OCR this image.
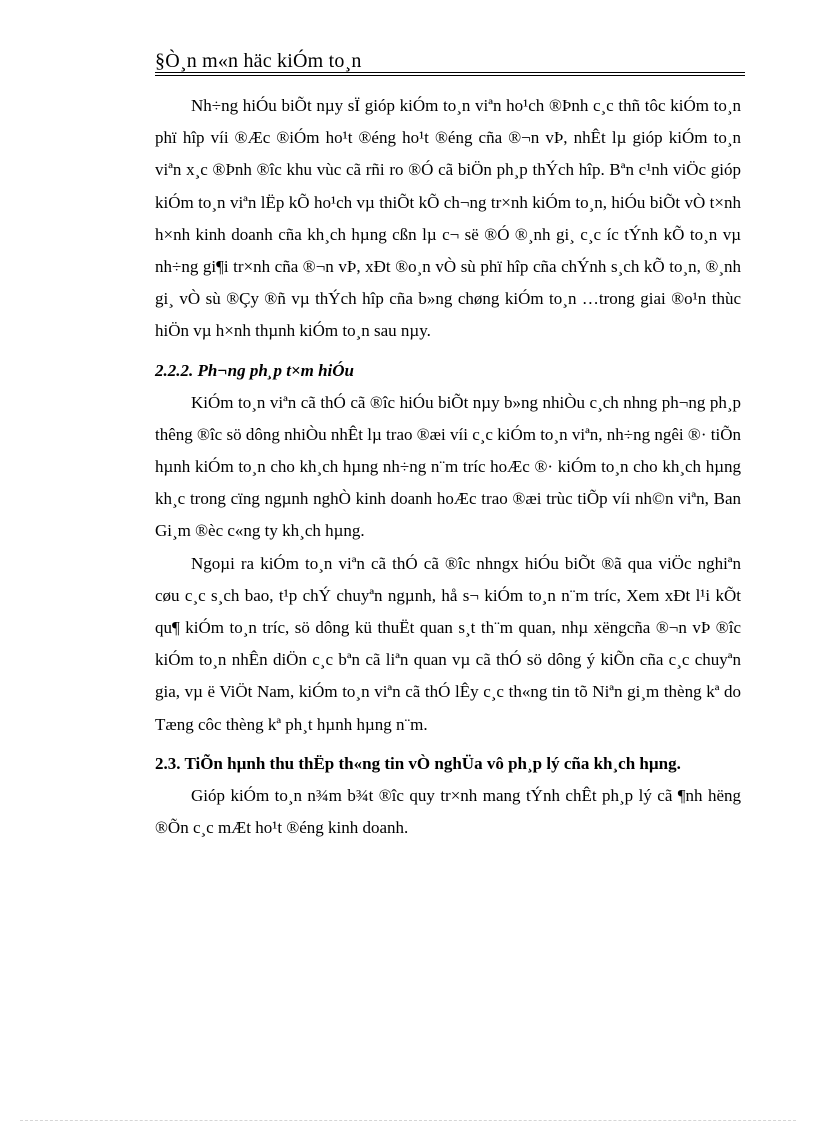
§Ò¸n m«n häc kiÓm to¸n

Nh÷ng hiÓu biÕt nµy sÏ gióp kiÓm to¸n viªn ho¹ch ®Þnh c¸c thñ tôc kiÓm to¸n phï hîp víi ®Æc ®iÓm ho¹t ®éng ho¹t ®éng cña ®¬n vÞ, nhÊt lµ gióp kiÓm to¸n viªn x¸c ®Þnh ®îc khu vùc cã rñi ro ®Ó cã biÖn ph¸p thÝch hîp. Bªn c¹nh viÖc gióp kiÓm to¸n viªn lËp kÕ ho¹ch vµ thiÕt kÕ ch¬ng tr×nh kiÓm to¸n, hiÓu biÕt vÒ t×nh h×nh kinh doanh cña kh¸ch hµng cßn lµ c¬ së ®Ó ®¸nh gi¸ c¸c íc tÝnh kÕ to¸n vµ nh÷ng gi¶i tr×nh cña ®¬n vÞ, xÐt ®o¸n vÒ sù phï hîp cña chÝnh s¸ch kÕ to¸n, ®¸nh gi¸ vÒ sù ®Çy ®ñ vµ thÝch hîp cña b»ng chøng kiÓm to¸n …trong giai ®o¹n thùc hiÖn vµ h×nh thµnh kiÓm to¸n sau nµy.

2.2.2. Ph¬ng ph¸p t×m hiÓu

KiÓm to¸n viªn cã thÓ cã ®îc hiÓu biÕt nµy b»ng nhiÒu c¸ch nhng ph¬ng ph¸p thêng ®îc sö dông nhiÒu nhÊt lµ trao ®æi víi c¸c kiÓm to¸n viªn, nh÷ng ngêi ®· tiÕn hµnh kiÓm to¸n cho kh¸ch hµng nh÷ng n¨m tríc hoÆc ®· kiÓm to¸n cho kh¸ch hµng kh¸c trong cïng ngµnh nghÒ kinh doanh hoÆc trao ®æi trùc tiÕp víi nh©n viªn, Ban Gi¸m ®èc c«ng ty kh¸ch hµng.

Ngoµi ra kiÓm to¸n viªn cã thÓ cã ®îc nhngx hiÓu biÕt ®ã qua viÖc nghiªn cøu c¸c s¸ch bao, t¹p chÝ chuyªn ngµnh, hå s¬ kiÓm to¸n n¨m tríc, Xem xÐt l¹i kÕt qu¶ kiÓm to¸n tríc, sö dông kü thuËt quan s¸t th¨m quan, nhµ xëngcña ®¬n vÞ ®îc kiÓm to¸n nhÊn diÖn c¸c bªn cã liªn quan vµ cã thÓ sö dông ý kiÕn cña c¸c chuyªn gia, vµ ë ViÖt Nam, kiÓm to¸n viªn cã thÓ lÊy c¸c th«ng tin tõ Niªn gi¸m thèng kª do Tæng côc thèng kª ph¸t hµnh hµng n¨m.

2.3. TiÕn hµnh thu thËp th«ng tin vÒ nghÜa vô ph¸p lý cña kh¸ch hµng.

Gióp kiÓm to¸n n¾m b¾t ®îc quy tr×nh mang tÝnh chÊt ph¸p lý cã ¶nh hëng ®Õn c¸c mÆt ho¹t ®éng kinh doanh.
